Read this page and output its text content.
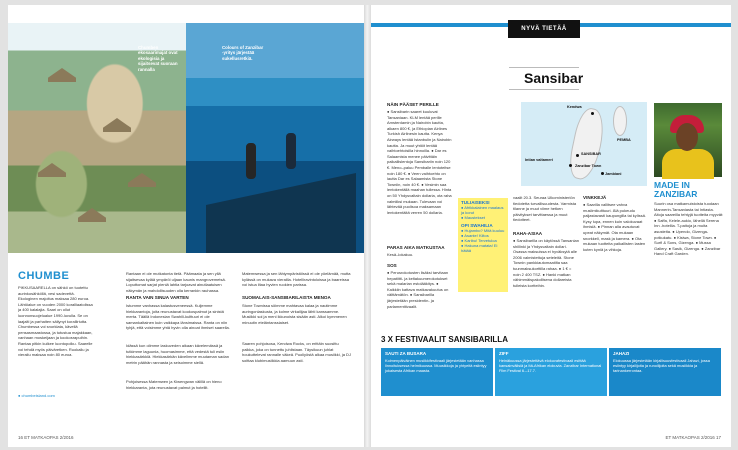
Chumben ekosaarimajat ovat ekologisia ja sijaitsevat suoraan rannalla
Colours of Zanzibar -yritys järjestää sukellusretkiä.
CHUMBE
PIKKUSAARELLA on sähkö on tuotettu aurinkosähköllä, vesi sadevettä. Ekologinen majoitus maksaa 280 euroa. Lähtöalue on vuoden 2000 koralliaatolissa ja 400 kalalajia. Saari on ollut luonnonsuojelualue 1990-luvulla. Se on laajalti ja parhaiten säilynyt koralliriutta. Chumbessa voi snorklata, kävellä pensasmaastossa, ja tutustua majakkaan, vanhaan moskeijaan ja kookosrapuihin. Rantaa pitkin kulkee luontopolku. Saarelle voi tehdä myös päiväretken. Ruokailu ja vierailu maksaa noin 80 euroa.
● chumbeisland.com
Rantaan ei ole mutkatonta tietä. Päämaata ja sen yllä sijaitsevaa kylää ympäröi uljaan kaunis mangrovemetsä. Loputtomat sarjat pieniä lahtia tarjoavat ainutlaatuisen näkymän ja mahdollisuuden olla kerrankin rauhassa.
RANTA VAIN SINUA VARTEN
Istumme vanhassa kalastusveneessä. Kuljemme hiekkarantoja, joita reunustavat kookospalmut ja sinistä merta. Täällä Indonesian Swahili-kulttuuri ei ole samankaltainen kuin vaikkapa länsimaissa. Ranta on niin tyhjä, että voisimme yhtä hyvin olla ainoat ihmiset saarella.
Idässä kun olimme laskuveden aikaan kävelemässä ja tutkimme laguunia, huomasimme, että vedestä tuli esiin hiekkasärkkiä. Hiekkasärkän kävelimme muutaman sadan metrin päähän rannasta ja seisoimme siellä.
Pohjoisessa Matemwen ja Kiwengwan välillä on hieno hiekkaranta, jota reunustavat palmut ja hotellit.
Matemwessa ja sen lähiympäristöissä ei ole yöelämää, mutta kylässä on mukava vierailla. Hotelliravintoloissa ja baareissa voi istua iltaa hyvien ruokien parissa.
SUOMALAIS-SANSIBARILAISTA MENOA
Stone Townissa söimme mahtavaa kalaa ja nautimme auringonlaskusta, ja kolme virkailijaa lähti kanssamme. Musiikki soi ja meni ikkunoista sisään asti. Alkoi kymmenen minuutin eteläntanssiaiset.
Saaren pohjoisosa, Kendwa Rocks, on erittäin suosittu paikka, joka on tunnettu juhlistaan. Täysikuun juhlat houkuttelevat rannalle väkeä. Puoliyöstä alkaa musiikki, ja DJ soittaa klubimusiikkia aamuun asti.
16 ET MATKAOPAS 2/2016
NYVÄ TIETÄÄ
Sansibar
NÄIN PÄÄSET PERILLE
● Sansibarin saaret kuuluvat Tansaniaan. KLM lentää perille Amsterdamin ja Nairobin kautta, alkaen 800 €, ja Ethiopian Airlines Turkish Airlinesin kautta. Kenya Airways lentää Istanbulin ja Nairobin kautta. Ja muut yhtiöt lentää vaihtoehtoisilla hinnoilla. ● Dar es Salaamista menee päivittäin paikallislentoja Sansibariin noin 120 €. Meno–paluu Pemballe lentoteitse noin 180 €. ● Veen vaihtoehto on lautta Dar es Salaamista Stone Towniin, noin 40 €. ● Vesimin saa lentokentällä maahan tullessa. Hinta on 50 Yhdysvaltain dollaria, ota raha valmiiksi mukaan. Tulevaan voi lähtevää puolisoa maksamaan lentokentältä verren 50 dollaria.
PARAS AIKA MATKUSTAA
Kesä–lokakuu.
SOS
● Perusrokotusten lisäksi tarvitaan hepatiitti- ja keltakuumerokotukset sekä malarian estolääkitys. ● Kaikkiin kattava matkavakuutus on välttämätön. ● Sansibarilla järjestetään presidentin- ja parlamenttivaalit.
Kendwa
PEMBA
SANSIBAR
Zanzibar Town
Intian valtameri
Jambiani
MADE IN ZANZIBAR
Suurin osa matkamuistoista tuodaan Mannerin-Tansaniasta tai Intiasta. Aitoja saareilla tehtyjä tuotteita myyvät: ● Saffa, Kelele-aukio, lähellä Serena Inn -hotellia. T-paitoja ja muita asusteita. ● Upendo, Gizenga-potkukatu. ● Kisiwa, Stone Town. ● Surfi & Sons, Gizenga. ● Mussa Gallery. ● Sasik, Gizenga. ● Zanzibar Hand Craft Garden.
TULIAISEKSI
● Afrikkalainen maalaus ja korut
● Maustekset
OPI SWAHILIA
● Hujambo? Mitä kuuluu
● Asante! Kiitos
● Karibu! Tervetuloa
● Hakuna matata! Ei hätää
vaalit 20.3. Seuraa Ulkoministeriön tiedotetta turvallisuudesta. Varmista tilanne ja muut viime hetken päivitykset tarvittaessa ja muut tiedotteet.
RAHA-ASIAA
● Sansibarilla on käytössä Tansanian shillinki ja Yhdysvaltain dollari. Osassa maksuissa ei hyväksytä alle 2006 valmistettuja seteleitä. Stone Townin pankkiautomaatilta saa tuunmaksukorttilla rahaa. ● 1 € = noin 2 400 TSZ. ● Hanki matkan vähimmäispakollisena dollareista tulleista kortteihin.
VINKKEJÄ
● Saarilla vallitsee vahva muslimikulttuuri. Älä pukeudu paljastavasti kaupungilla tai kylissä. Kysy lupa, ennen kuin valokuvaat ihmisiä. ● Pinnan alla avautuvat upeat näkymät. Ota mukaan snorkkeli, mask ja kamera. ● Ota mukaan tuotteita paikallisten lasten kuten kyniä ja vihkoja.
3 X FESTIVAALIT SANSIBARILLA
SAUTI ZA BUSARA
Kolmenpäiväinen musiikkifestivaali järjestetään vanhassa linnoituksessa helmikuussa. Muusikkoja ja yhtyeitä esiintyy jokaisesta Afrikan maasta.
ZIFF
Heinäkuussa järjestettävä elokuvafestivaali esittää kansainvälisiä ja Itä-Afrikan elokuvia. Zanzibar International Film Festival 6.–17.7.
JAHAZI
Elokuussa järjestetään kirjallisuusfestivaali Jahazi, jossa esiintyy kirjailijoita ja runoilijoita sekä musiikkia ja tarinankerrontaa.
ET MATKAOPAS 2/2016 17
